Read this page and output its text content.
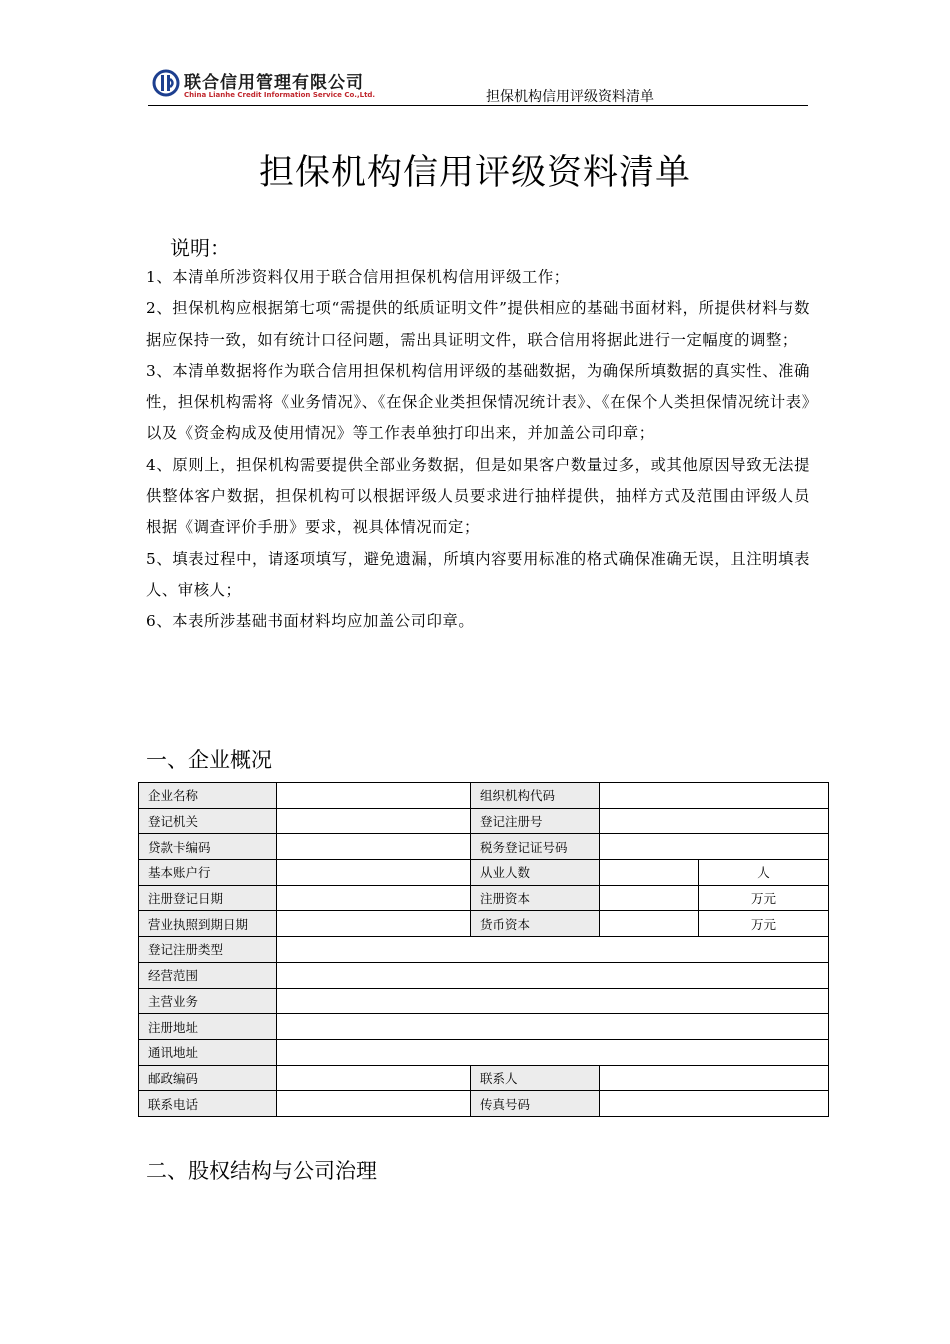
联合信用管理有限公司
China Lianhe Credit Information Service Co.,Ltd.	担保机构信用评级资料清单
担保机构信用评级资料清单
说明：

1、本清单所涉资料仅用于联合信用担保机构信用评级工作；

2、担保机构应根据第七项“需提供的纸质证明文件”提供相应的基础书面材料，所提供材料与数据应保持一致，如有统计口径问题，需出具证明文件，联合信用将据此进行一定幅度的调整；

3、本清单数据将作为联合信用担保机构信用评级的基础数据，为确保所填数据的真实性、准确性，担保机构需将《业务情况》、《在保企业类担保情况统计表》、《在保个人类担保情况统计表》以及《资金构成及使用情况》等工作表单独打印出来，并加盖公司印章；

4、原则上，担保机构需要提供全部业务数据，但是如果客户数量过多，或其他原因导致无法提供整体客户数据，担保机构可以根据评级人员要求进行抽样提供，抽样方式及范围由评级人员根据《调查评价手册》要求，视具体情况而定；

5、填表过程中，请逐项填写，避免遗漏，所填内容要用标准的格式确保准确无误，且注明填表人、审核人；

6、本表所涉基础书面材料均应加盖公司印章。

一、企业概况
企业名称		组织机构代码		
登记机关		登记注册号		
贷款卡编码		税务登记证号码		
基本账户行		从业人数		人
注册登记日期		注册资本		万元
营业执照到期日期		货币资本		万元
登记注册类型				
经营范围				
主营业务				
注册地址				
通讯地址				
邮政编码		联系人		
联系电话		传真号码		
二、股权结构与公司治理
